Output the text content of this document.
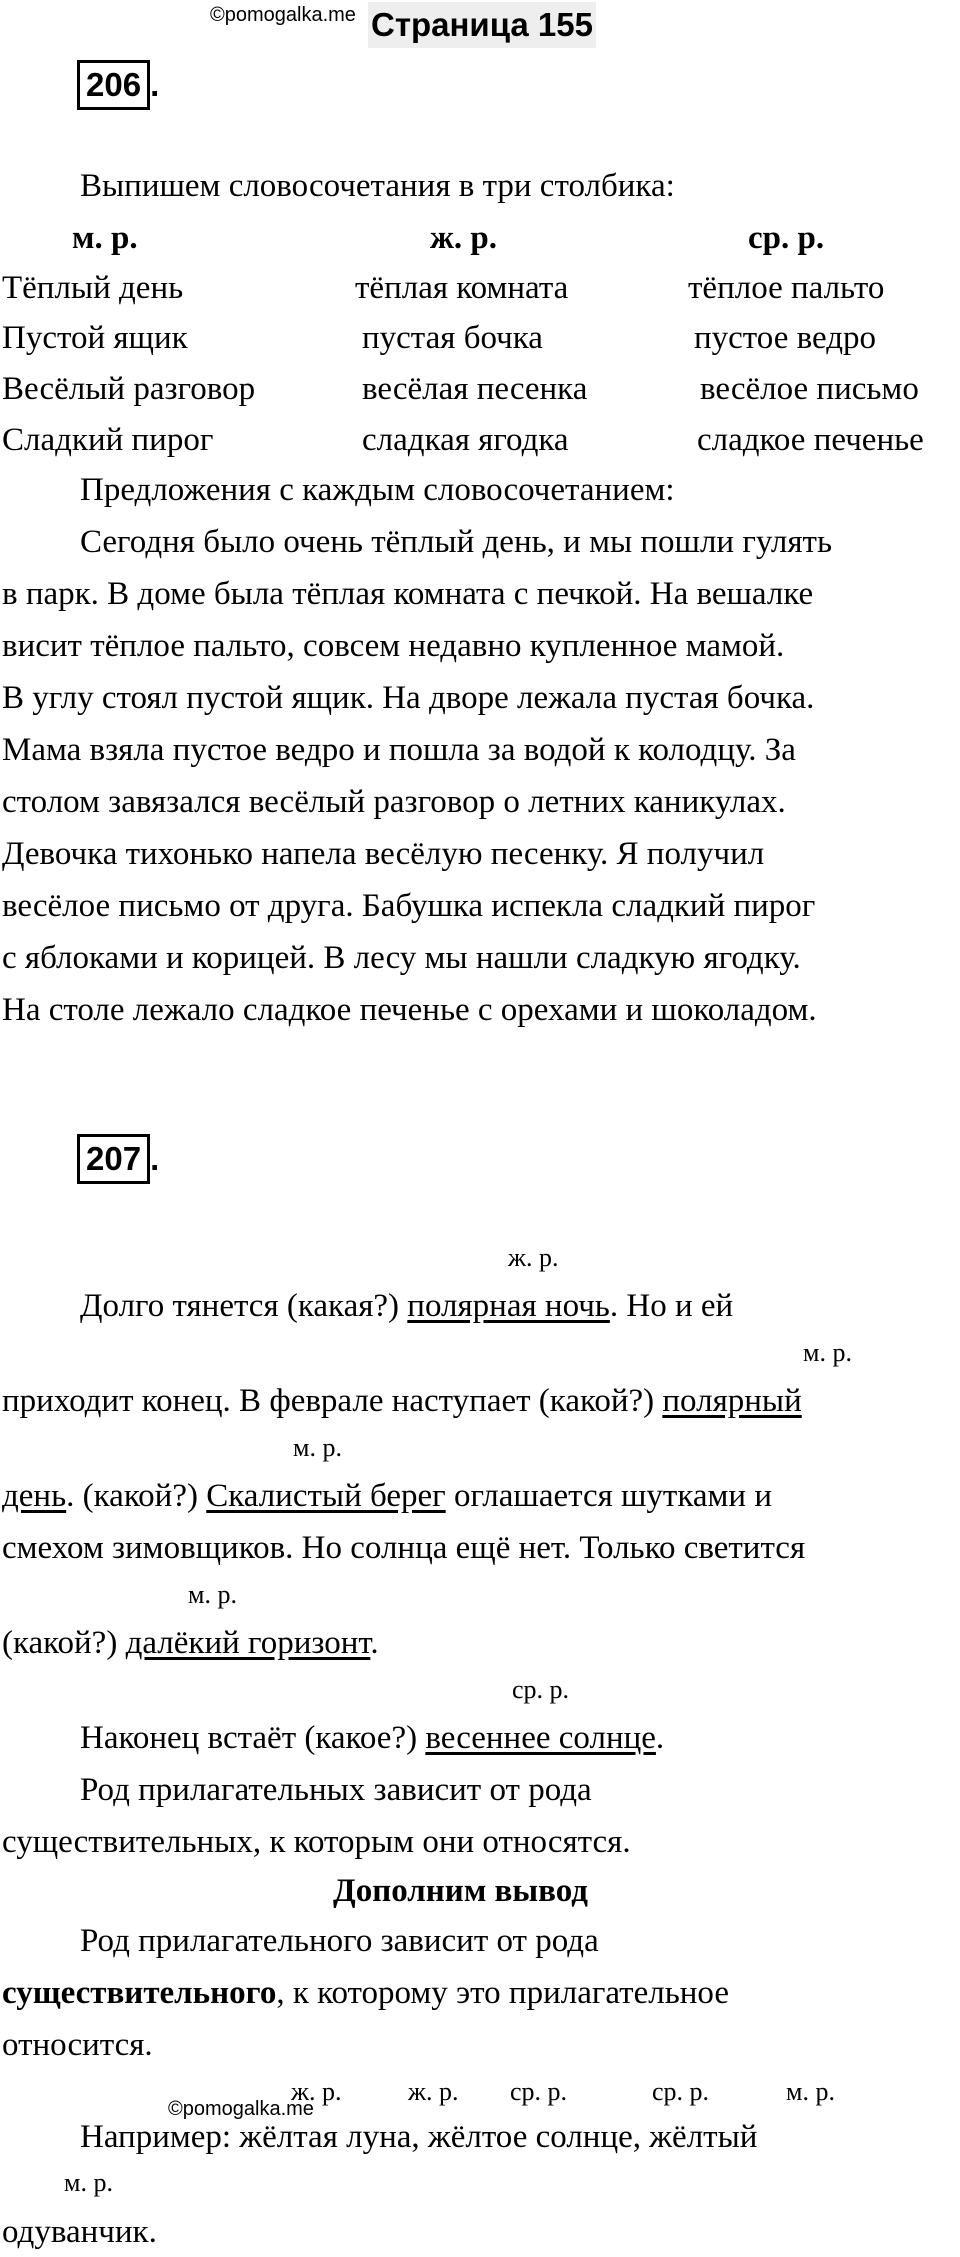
©pomogalka.me Страница 155
206 .
Выпишем словосочетания в три столбика:
м. р.	ж. р.	ср. р.
Тёплый день	тёплая комната	тёплое пальто
Пустой ящик	пустая бочка	пустое ведро
Весёлый разговор	весёлая песенка	весёлое письмо
Сладкий пирог	сладкая ягодка	сладкое печенье
Предложения с каждым словосочетанием:
Сегодня было очень тёплый день, и мы пошли гулять
в парк. В доме была тёплая комната с печкой. На вешалке
висит тёплое пальто, совсем недавно купленное мамой.
В углу стоял пустой ящик. На дворе лежала пустая бочка.
Мама взяла пустое ведро и пошла за водой к колодцу. За
столом завязался весёлый разговор о летних каникулах.
Девочка тихонько напела весёлую песенку. Я получил
весёлое письмо от друга. Бабушка испекла сладкий пирог
с яблоками и корицей. В лесу мы нашли сладкую ягодку.
На столе лежало сладкое печенье с орехами и шоколадом.
207 .
ж. р.
Долго тянется (какая?) полярная ночь. Но и ей
м. р.
приходит конец. В феврале наступает (какой?) полярный
м. р.
день. (какой?) Скалистый берег оглашается шутками и
смехом зимовщиков. Но солнца ещё нет. Только светится
м. р.
(какой?) далёкий горизонт.
ср. р.
Наконец встаёт (какое?) весеннее солнце.
Род прилагательных зависит от рода
существительных, к которым они относятся.
Дополним вывод
Род прилагательного зависит от рода
существительного, к которому это прилагательное
относится.
©pomogalka.me
ж. р.	ж. р. ср. р.	ср. р.	м. р.
Например: жёлтая луна, жёлтое солнце, жёлтый
м. р.
одуванчик.
